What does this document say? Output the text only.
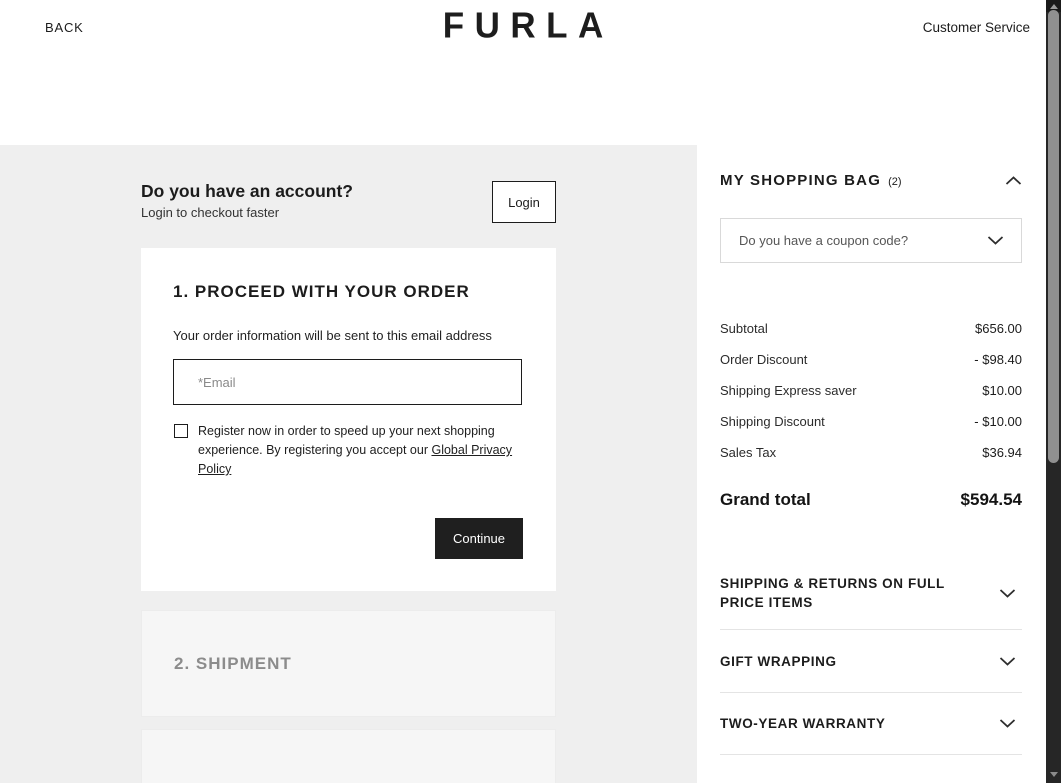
BACK	FURLA	Customer Service
Do you have an account?
Login to checkout faster
Login
1. PROCEED WITH YOUR ORDER
Your order information will be sent to this email address
*Email
Register now in order to speed up your next shopping experience. By registering you accept our Global Privacy Policy
Continue
2. SHIPMENT
MY SHOPPING BAG (2)
Do you have a coupon code?
Subtotal	$656.00
Order Discount	- $98.40
Shipping Express saver	$10.00
Shipping Discount	- $10.00
Sales Tax	$36.94
Grand total	$594.54
SHIPPING & RETURNS ON FULL PRICE ITEMS
GIFT WRAPPING
TWO-YEAR WARRANTY
